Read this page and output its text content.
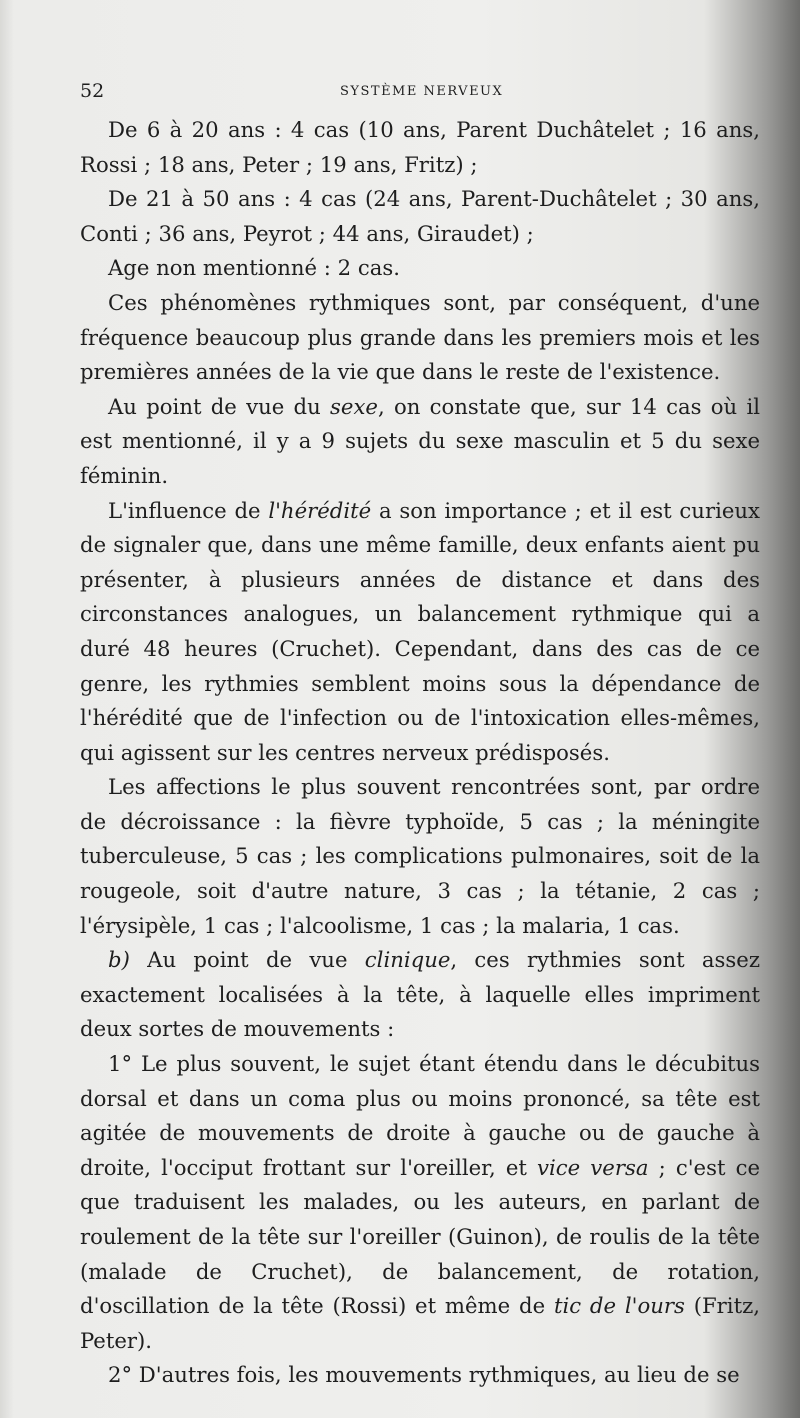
52	SYSTÈME NERVEUX

De 6 à 20 ans : 4 cas (10 ans, Parent Duchâtelet ; 16 ans, Rossi ; 18 ans, Peter ; 19 ans, Fritz) ;

De 21 à 50 ans : 4 cas (24 ans, Parent-Duchâtelet ; 30 ans, Conti ; 36 ans, Peyrot ; 44 ans, Giraudet) ;

Age non mentionné : 2 cas.

Ces phénomènes rythmiques sont, par conséquent, d'une fréquence beaucoup plus grande dans les premiers mois et les premières années de la vie que dans le reste de l'existence.

Au point de vue du sexe, on constate que, sur 14 cas où il est mentionné, il y a 9 sujets du sexe masculin et 5 du sexe féminin.

L'influence de l'hérédité a son importance ; et il est curieux de signaler que, dans une même famille, deux enfants aient pu présenter, à plusieurs années de distance et dans des circonstances analogues, un balancement rythmique qui a duré 48 heures (Cruchet). Cependant, dans des cas de ce genre, les rythmies semblent moins sous la dépendance de l'hérédité que de l'infection ou de l'intoxication elles-mêmes, qui agissent sur les centres nerveux prédisposés.

Les affections le plus souvent rencontrées sont, par ordre de décroissance : la fièvre typhoïde, 5 cas ; la méningite tuberculeuse, 5 cas ; les complications pulmonaires, soit de la rougeole, soit d'autre nature, 3 cas ; la tétanie, 2 cas ; l'érysipèle, 1 cas ; l'alcoolisme, 1 cas ; la malaria, 1 cas.

b) Au point de vue clinique, ces rythmies sont assez exactement localisées à la tête, à laquelle elles impriment deux sortes de mouvements :

1° Le plus souvent, le sujet étant étendu dans le décubitus dorsal et dans un coma plus ou moins prononcé, sa tête est agitée de mouvements de droite à gauche ou de gauche à droite, l'occiput frottant sur l'oreiller, et vice versa ; c'est ce que traduisent les malades, ou les auteurs, en parlant de roulement de la tête sur l'oreiller (Guinon), de roulis de la tête (malade de Cruchet), de balancement, de rotation, d'oscillation de la tête (Rossi) et même de tic de l'ours (Fritz, Peter).

2° D'autres fois, les mouvements rythmiques, au lieu de se
